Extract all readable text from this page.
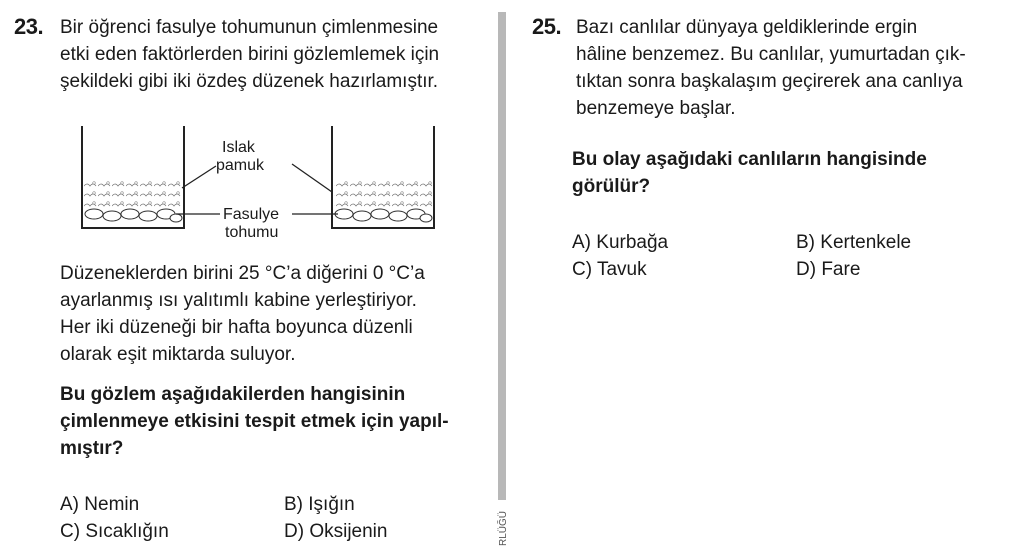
23. Bir öğrenci fasulye tohumunun çimlenmesine
etki eden faktörlerden birini gözlemlemek için
şekildeki gibi iki özdeş düzenek hazırlamıştır.
Islak
pamuk
Fasulye
tohumu
Düzeneklerden birini 25 °C’a diğerini 0 °C’a
ayarlanmış ısı yalıtımlı kabine yerleştiriyor.
Her iki düzeneği bir hafta boyunca düzenli
olarak eşit miktarda suluyor.
Bu gözlem aşağıdakilerden hangisinin
çimlenmeye etkisini tespit etmek için yapıl-
mıştır?
A) Nemin	B) Işığın
C) Sıcaklığın	D) Oksijenin	RLÜĞÜ
25. Bazı canlılar dünyaya geldiklerinde ergin
hâline benzemez. Bu canlılar, yumurtadan çık-
tıktan sonra başkalaşım geçirerek ana canlıya
benzemeye başlar.
Bu olay aşağıdaki canlıların hangisinde
görülür?
A) Kurbağa	B) Kertenkele
C) Tavuk	D) Fare
